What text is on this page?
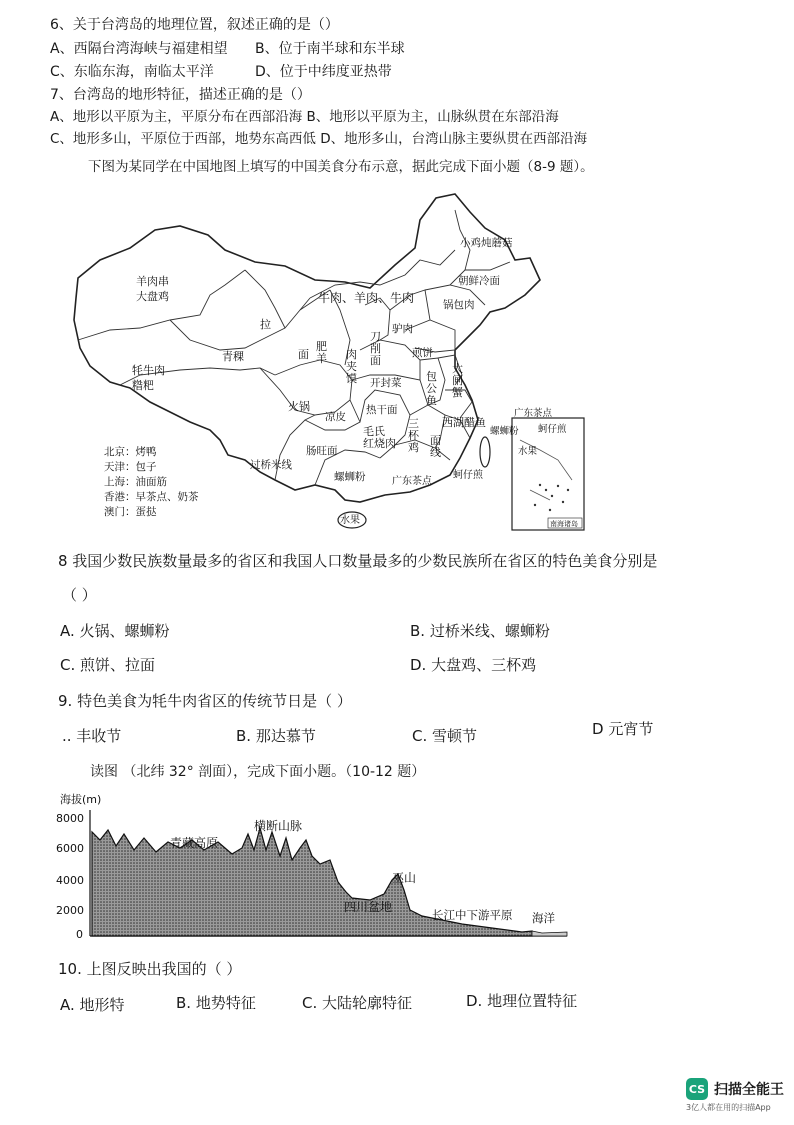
6、关于台湾岛的地理位置，叙述正确的是（）
A、西隔台湾海峡与福建相望 B、位于南半球和东半球
C、东临东海，南临太平洋	D、位于中纬度亚热带
7、台湾岛的地形特征，描述正确的是（）
A、地形以平原为主，平原分布在西部沿海 B、地形以平原为主，山脉纵贯在东部沿海
C、地形多山，平原位于西部，地势东高西低 D、地形多山，台湾山脉主要纵贯在西部沿海
下图为某同学在中国地图上填写的中国美食分布示意，据此完成下面小题（8-9 题）。
羊肉串大盘鸡
牦牛肉糌粑
青稞
拉
面
肥羊
牛肉、羊肉、牛肉
小鸡炖蘑菇
朝鲜冷面
锅包肉
驴肉
刀削面
肉夹馍
煎饼
开封菜
大闸蟹
包公鱼
西湖醋鱼
火锅
凉皮
热干面
毛氏红烧肉
三杯鸡
面线
肠旺面
过桥米线
螺蛳粉	广东茶点
水果
蚵仔煎
广东茶点
蚵仔煎
螺蛳粉
水果
南海诸岛
北京：烤鸭
天津：包子
上海：油面筋
香港：早茶点、奶茶
澳门：蛋挞
8 我国少数民族数量最多的省区和我国人口数量最多的少数民族所在省区的特色美食分别是
（ ）
A. 火锅、螺蛳粉	B. 过桥米线、螺蛳粉
C. 煎饼、拉面	D. 大盘鸡、三杯鸡
9. 特色美食为牦牛肉省区的传统节日是（ ）
.. 丰收节	B. 那达慕节	C. 雪顿节	D 元宵节
读图 （北纬 32° 剖面），完成下面小题。（10-12 题）
海拔(m)
8000
6000
4000
2000
0
青藏高原
横断山脉
四川盆地
巫山
长江中下游平原 海洋
10. 上图反映出我国的（ ）
A. 地形特	B. 地势特征	C. 大陆轮廓特征	D. 地理位置特征
CS 扫描全能王
3亿人都在用的扫描App
